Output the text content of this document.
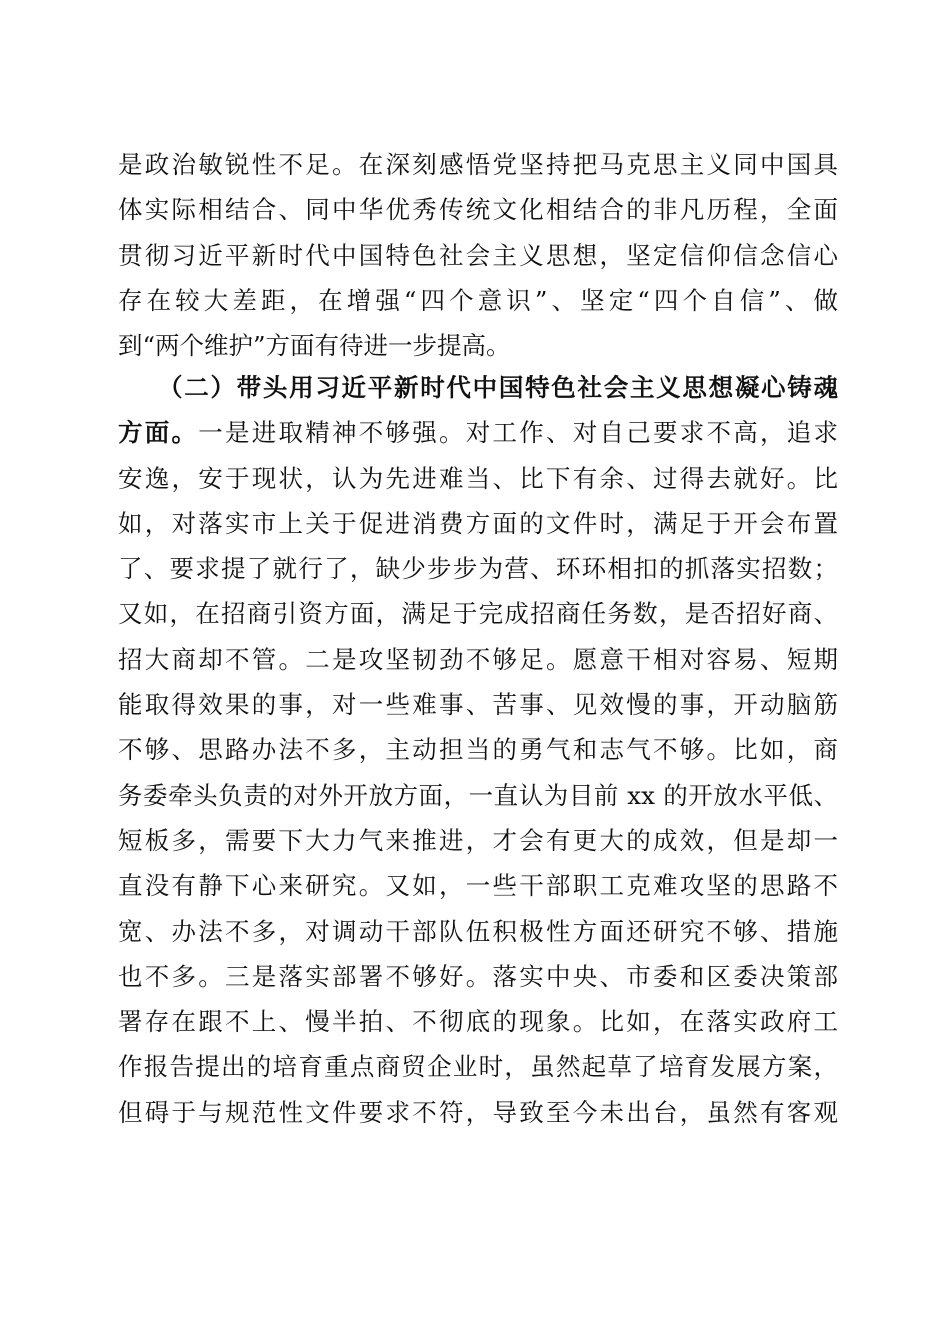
是政治敏锐性不足。在深刻感悟党坚持把马克思主义同中国具
体实际相结合、同中华优秀传统文化相结合的非凡历程，全面
贯彻习近平新时代中国特色社会主义思想，坚定信仰信念信心
存在较大差距，在增强“四个意识”、坚定“四个自信”、做
到“两个维护”方面有待进一步提高。
（二）带头用习近平新时代中国特色社会主义思想凝心铸魂
方面。一是进取精神不够强。对工作、对自己要求不高，追求
安逸，安于现状，认为先进难当、比下有余、过得去就好。比
如，对落实市上关于促进消费方面的文件时，满足于开会布置
了、要求提了就行了，缺少步步为营、环环相扣的抓落实招数；
又如，在招商引资方面，满足于完成招商任务数，是否招好商、
招大商却不管。二是攻坚韧劲不够足。愿意干相对容易、短期
能取得效果的事，对一些难事、苦事、见效慢的事，开动脑筋
不够、思路办法不多，主动担当的勇气和志气不够。比如，商
务委牵头负责的对外开放方面，一直认为目前 xx 的开放水平低、
短板多，需要下大力气来推进，才会有更大的成效，但是却一
直没有静下心来研究。又如，一些干部职工克难攻坚的思路不
宽、办法不多，对调动干部队伍积极性方面还研究不够、措施
也不多。三是落实部署不够好。落实中央、市委和区委决策部
署存在跟不上、慢半拍、不彻底的现象。比如，在落实政府工
作报告提出的培育重点商贸企业时，虽然起草了培育发展方案，
但碍于与规范性文件要求不符，导致至今未出台，虽然有客观
